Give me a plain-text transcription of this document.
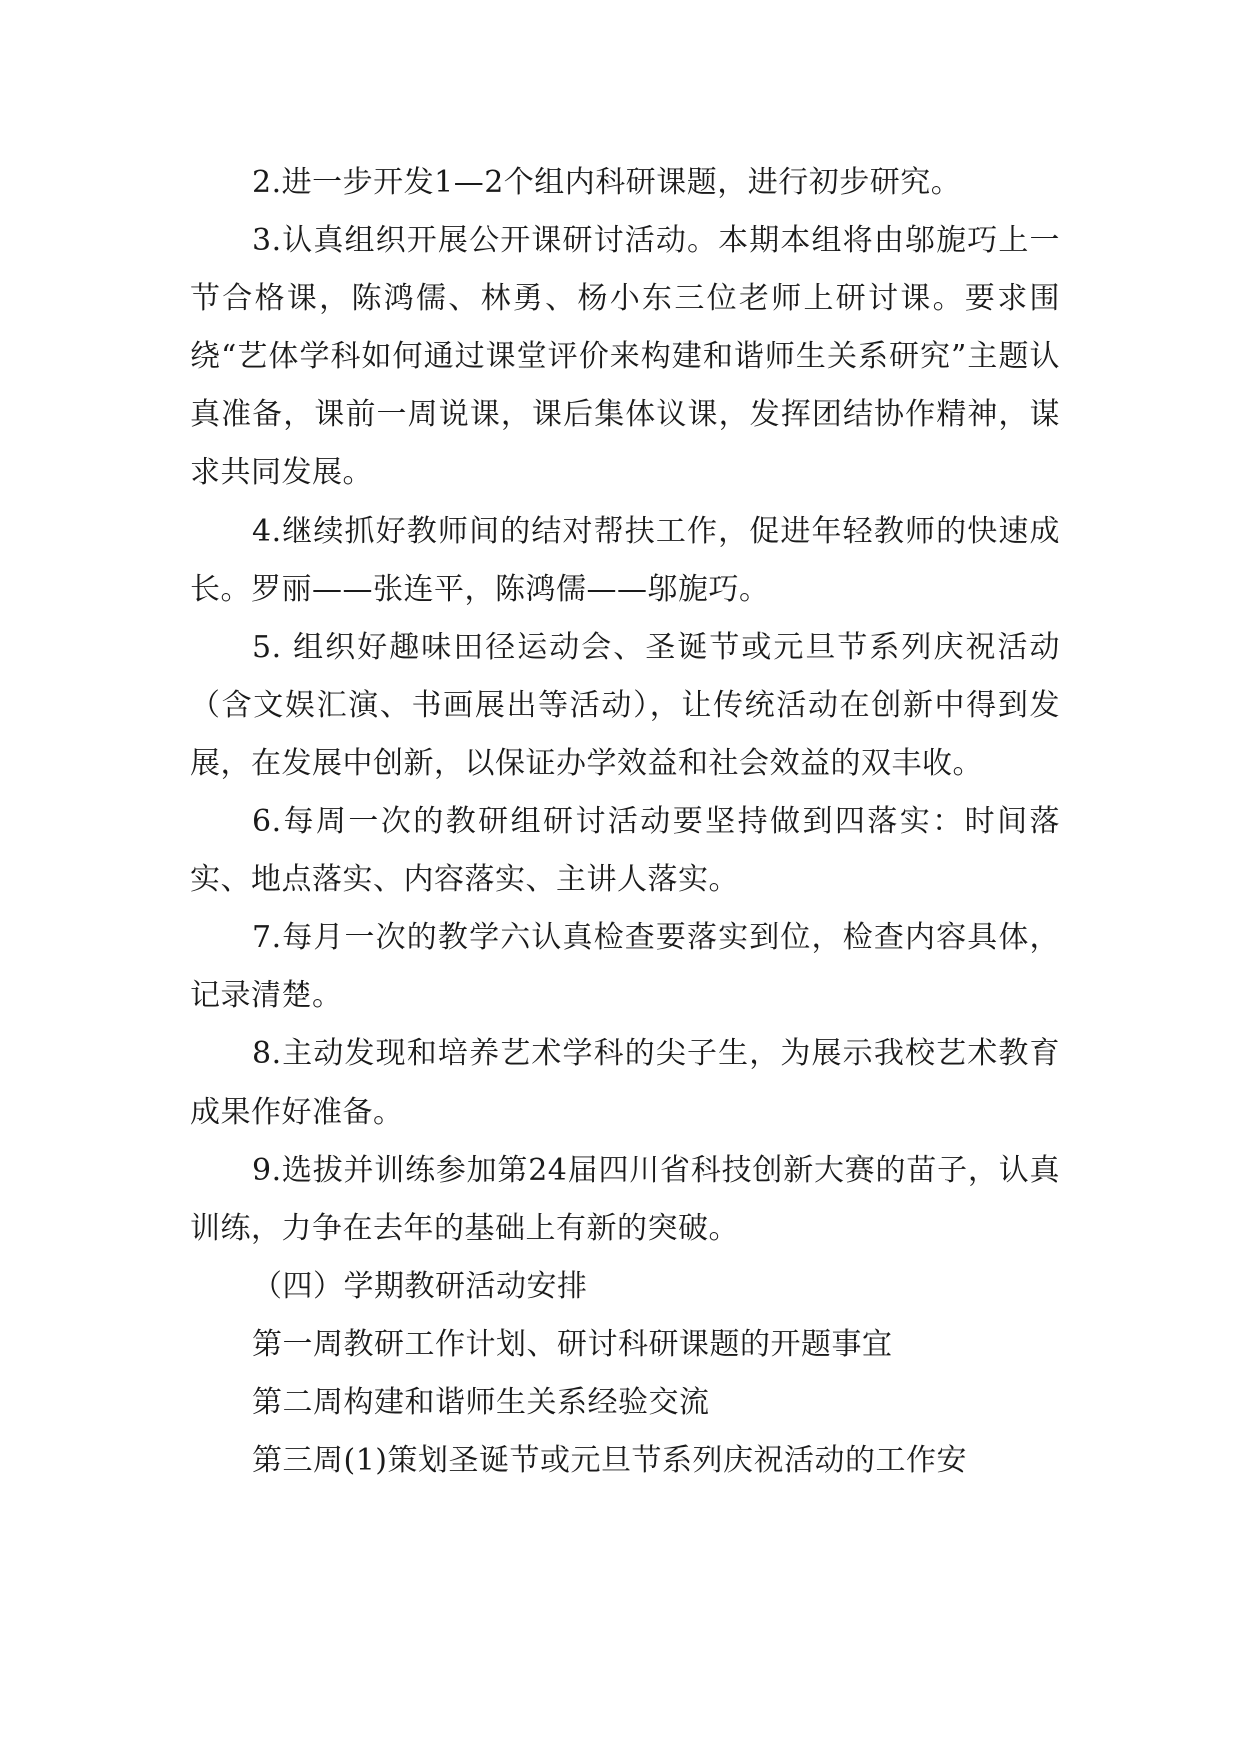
2.进一步开发1—2个组内科研课题，进行初步研究。

3.认真组织开展公开课研讨活动。本期本组将由邬旎巧上一节合格课，陈鸿儒、林勇、杨小东三位老师上研讨课。要求围绕“艺体学科如何通过课堂评价来构建和谐师生关系研究”主题认真准备，课前一周说课，课后集体议课，发挥团结协作精神，谋求共同发展。

4.继续抓好教师间的结对帮扶工作，促进年轻教师的快速成长。罗丽——张连平，陈鸿儒——邬旎巧。

5. 组织好趣味田径运动会、圣诞节或元旦节系列庆祝活动（含文娱汇演、书画展出等活动），让传统活动在创新中得到发展，在发展中创新，以保证办学效益和社会效益的双丰收。

6.每周一次的教研组研讨活动要坚持做到四落实：时间落实、地点落实、内容落实、主讲人落实。

7.每月一次的教学六认真检查要落实到位，检查内容具体，记录清楚。

8.主动发现和培养艺术学科的尖子生，为展示我校艺术教育成果作好准备。

9.选拔并训练参加第24届四川省科技创新大赛的苗子，认真训练，力争在去年的基础上有新的突破。

（四）学期教研活动安排

第一周教研工作计划、研讨科研课题的开题事宜

第二周构建和谐师生关系经验交流

第三周(1)策划圣诞节或元旦节系列庆祝活动的工作安
